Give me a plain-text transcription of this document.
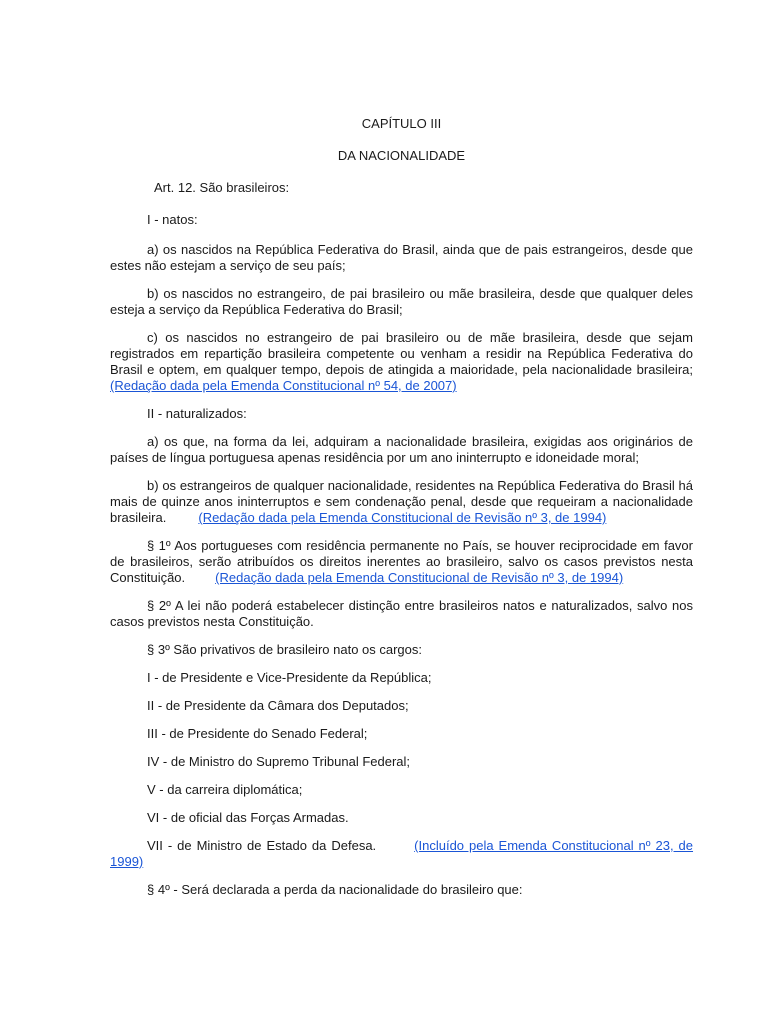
CAPÍTULO III

DA NACIONALIDADE

Art. 12. São brasileiros:

I - natos:

a) os nascidos na República Federativa do Brasil, ainda que de pais estrangeiros, desde que estes não estejam a serviço de seu país;

b) os nascidos no estrangeiro, de pai brasileiro ou mãe brasileira, desde que qualquer deles esteja a serviço da República Federativa do Brasil;

c) os nascidos no estrangeiro de pai brasileiro ou de mãe brasileira, desde que sejam registrados em repartição brasileira competente ou venham a residir na República Federativa do Brasil e optem, em qualquer tempo, depois de atingida a maioridade, pela nacionalidade brasileira; (Redação dada pela Emenda Constitucional nº 54, de 2007)

II - naturalizados:

a) os que, na forma da lei, adquiram a nacionalidade brasileira, exigidas aos originários de países de língua portuguesa apenas residência por um ano ininterrupto e idoneidade moral;

b) os estrangeiros de qualquer nacionalidade, residentes na República Federativa do Brasil há mais de quinze anos ininterruptos e sem condenação penal, desde que requeiram a nacionalidade brasileira. (Redação dada pela Emenda Constitucional de Revisão nº 3, de 1994)

§ 1º Aos portugueses com residência permanente no País, se houver reciprocidade em favor de brasileiros, serão atribuídos os direitos inerentes ao brasileiro, salvo os casos previstos nesta Constituição. (Redação dada pela Emenda Constitucional de Revisão nº 3, de 1994)

§ 2º A lei não poderá estabelecer distinção entre brasileiros natos e naturalizados, salvo nos casos previstos nesta Constituição.

§ 3º São privativos de brasileiro nato os cargos:

I - de Presidente e Vice-Presidente da República;

II - de Presidente da Câmara dos Deputados;

III - de Presidente do Senado Federal;

IV - de Ministro do Supremo Tribunal Federal;

V - da carreira diplomática;

VI - de oficial das Forças Armadas.

VII - de Ministro de Estado da Defesa.	(Incluído pela Emenda Constitucional nº 23, de 1999)

§ 4º - Será declarada a perda da nacionalidade do brasileiro que:
